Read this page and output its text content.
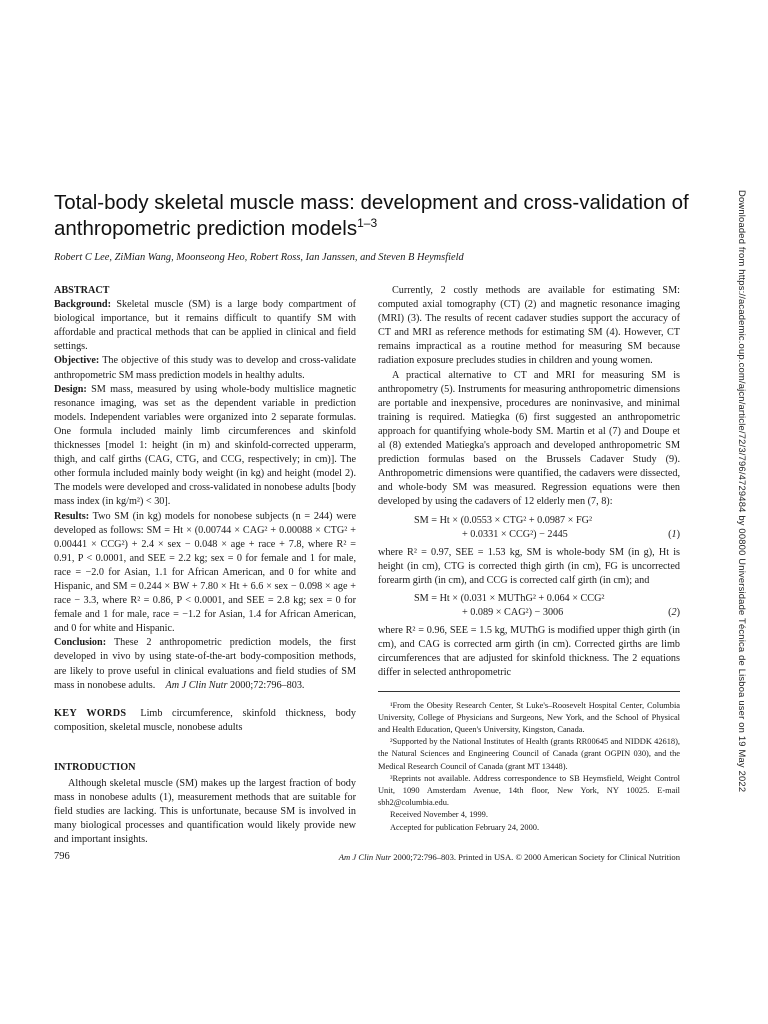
Total-body skeletal muscle mass: development and cross-validation of anthropometric prediction models$^{1-3}$

Robert C Lee, ZiMian Wang, Moonseong Heo, Robert Ross, Ian Janssen, and Steven B Heymsfield

ABSTRACT

Background: Skeletal muscle (SM) is a large body compartment of biological importance, but it remains difficult to quantify SM with affordable and practical methods that can be applied in clinical and field settings.

Objective: The objective of this study was to develop and cross-validate anthropometric SM mass prediction models in healthy adults.

Design: SM mass, measured by using whole-body multislice magnetic resonance imaging, was set as the dependent variable in prediction models. Independent variables were organized into 2 separate formulas. One formula included mainly limb circumferences and skinfold thicknesses [model 1: height (in m) and skinfold-corrected upperarm, thigh, and calf girths (CAG, CTG, and CCG, respectively; in cm)]. The other formula included mainly body weight (in kg) and height (model 2). The models were developed and cross-validated in nonobese adults [body mass index (in kg/m²) < 30].

Results: Two SM (in kg) models for nonobese subjects (n = 244) were developed as follows: SM = Ht × (0.00744 × CAG² + 0.00088 × CTG² + 0.00441 × CCG²) + 2.4 × sex − 0.048 × age + race + 7.8, where R² = 0.91, P < 0.0001, and SEE = 2.2 kg; sex = 0 for female and 1 for male, race = −2.0 for Asian, 1.1 for African American, and 0 for white and Hispanic, and SM = 0.244 × BW + 7.80 × Ht + 6.6 × sex − 0.098 × age + race − 3.3, where R² = 0.86, P < 0.0001, and SEE = 2.8 kg; sex = 0 for female and 1 for male, race = −1.2 for Asian, 1.4 for African American, and 0 for white and Hispanic.

Conclusion: These 2 anthropometric prediction models, the first developed in vivo by using state-of-the-art body-composition methods, are likely to prove useful in clinical evaluations and field studies of SM mass in nonobese adults. Am J Clin Nutr 2000;72:796–803.

KEY WORDS Limb circumference, skinfold thickness, body composition, skeletal muscle, nonobese adults

INTRODUCTION

Although skeletal muscle (SM) makes up the largest fraction of body mass in nonobese adults (1), measurement methods that are suitable for field studies are lacking. This is unfortunate, because SM is involved in many biological processes and quantification would likely provide new and important insights.

Currently, 2 costly methods are available for estimating SM: computed axial tomography (CT) (2) and magnetic resonance imaging (MRI) (3). The results of recent cadaver studies support the accuracy of CT and MRI as reference methods for estimating SM (4). However, CT remains impractical as a routine method for measuring SM because radiation exposure precludes studies in children and young women.

A practical alternative to CT and MRI for measuring SM is anthropometry (5). Instruments for measuring anthropometric dimensions are portable and inexpensive, procedures are noninvasive, and minimal training is required. Matiegka (6) first suggested an anthropometric approach for quantifying whole-body SM. Martin et al (7) and Doupe et al (8) extended Matiegka's approach and developed anthropometric SM prediction formulas based on the Brussels Cadaver Study (9). Anthropometric dimensions were quantified, the cadavers were dissected, and whole-body SM was measured. Regression equations were then developed by using the cadavers of 12 elderly men (7, 8):

SM = Ht × (0.0553 × CTG² + 0.0987 × FG²
+ 0.0331 × CCG²) − 2445	(1)

where R² = 0.97, SEE = 1.53 kg, SM is whole-body SM (in g), Ht is height (in cm), CTG is corrected thigh girth (in cm), FG is uncorrected forearm girth (in cm), and CCG is corrected calf girth (in cm); and

SM = Ht × (0.031 × MUThG² + 0.064 × CCG²
+ 0.089 × CAG²) − 3006	(2)

where R² = 0.96, SEE = 1.5 kg, MUThG is modified upper thigh girth (in cm), and CAG is corrected arm girth (in cm). Corrected girths are limb circumferences that are adjusted for skinfold thickness. The 2 equations differ in selected anthropometric

¹From the Obesity Research Center, St Luke's–Roosevelt Hospital Center, Columbia University, College of Physicians and Surgeons, New York, and the School of Physical and Health Education, Queen's University, Kingston, Canada.

²Supported by the National Institutes of Health (grants RR00645 and NIDDK 42618), the Natural Sciences and Engineering Council of Canada (grant OGPIN 030), and the Medical Research Council of Canada (grant MT 13448).

³Reprints not available. Address correspondence to SB Heymsfield, Weight Control Unit, 1090 Amsterdam Avenue, 14th floor, New York, NY 10025. E-mail sbh2@columbia.edu.

Received November 4, 1999.

Accepted for publication February 24, 2000.

796	Am J Clin Nutr 2000;72:796–803. Printed in USA. © 2000 American Society for Clinical Nutrition
Downloaded from https://academic.oup.com/ajcn/article/72/3/796/4729484 by 00800 Universidade Técnica de Lisboa user on 19 May 2022
